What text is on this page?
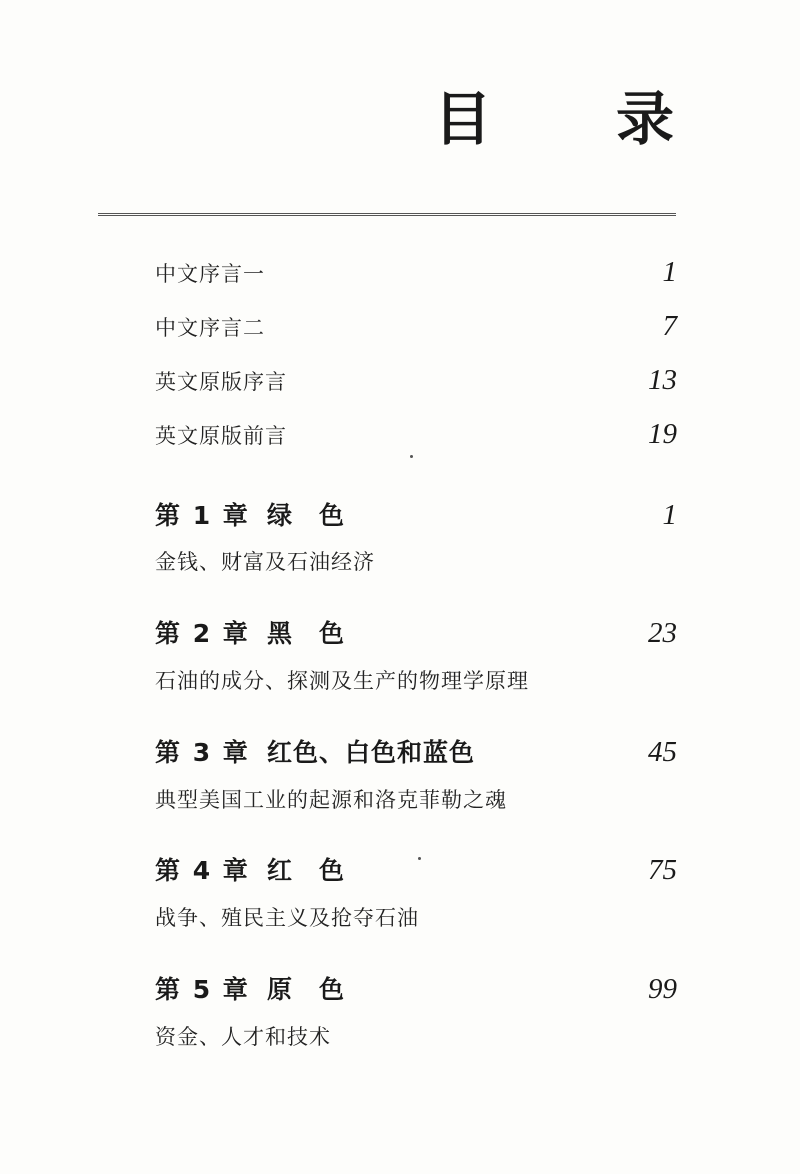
目 录
中文序言一	1
中文序言二	7
英文原版序言	13
英文原版前言	19
第 1 章 绿　色	1
金钱、财富及石油经济
第 2 章 黑　色	23
石油的成分、探测及生产的物理学原理
第 3 章 红色、白色和蓝色	45
典型美国工业的起源和洛克菲勒之魂
第 4 章 红　色	75
战争、殖民主义及抢夺石油
第 5 章 原　色	99
资金、人才和技术
